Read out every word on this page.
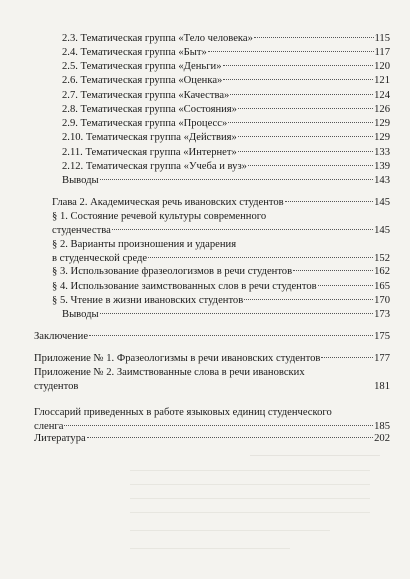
2.3. Тематическая группа «Тело человека»	115
2.4. Тематическая группа «Быт»	117
2.5. Тематическая группа «Деньги»	120
2.6. Тематическая группа «Оценка»	121
2.7. Тематическая группа «Качества»	124
2.8. Тематическая группа «Состояния»	126
2.9. Тематическая группа «Процесс»	129
2.10. Тематическая группа «Действия»	129
2.11. Тематическая группа «Интернет»	133
2.12. Тематическая группа «Учеба и вуз»	139
Выводы	143
Глава 2. Академическая речь ивановских студентов	145
§ 1. Состояние речевой культуры современного
студенчества	145
§ 2. Варианты произношения и ударения
в студенческой среде	152
§ 3. Использование фразеологизмов в речи студентов	162
§ 4. Использование заимствованных слов в речи студентов	165
§ 5. Чтение в жизни ивановских студентов	170
Выводы	173
Заключение	175
Приложение № 1. Фразеологизмы в речи ивановских студентов	177
Приложение № 2. Заимствованные слова в речи ивановских
студентов	181
Глоссарий приведенных в работе языковых единиц студенческого
сленга	185
Литература	202
